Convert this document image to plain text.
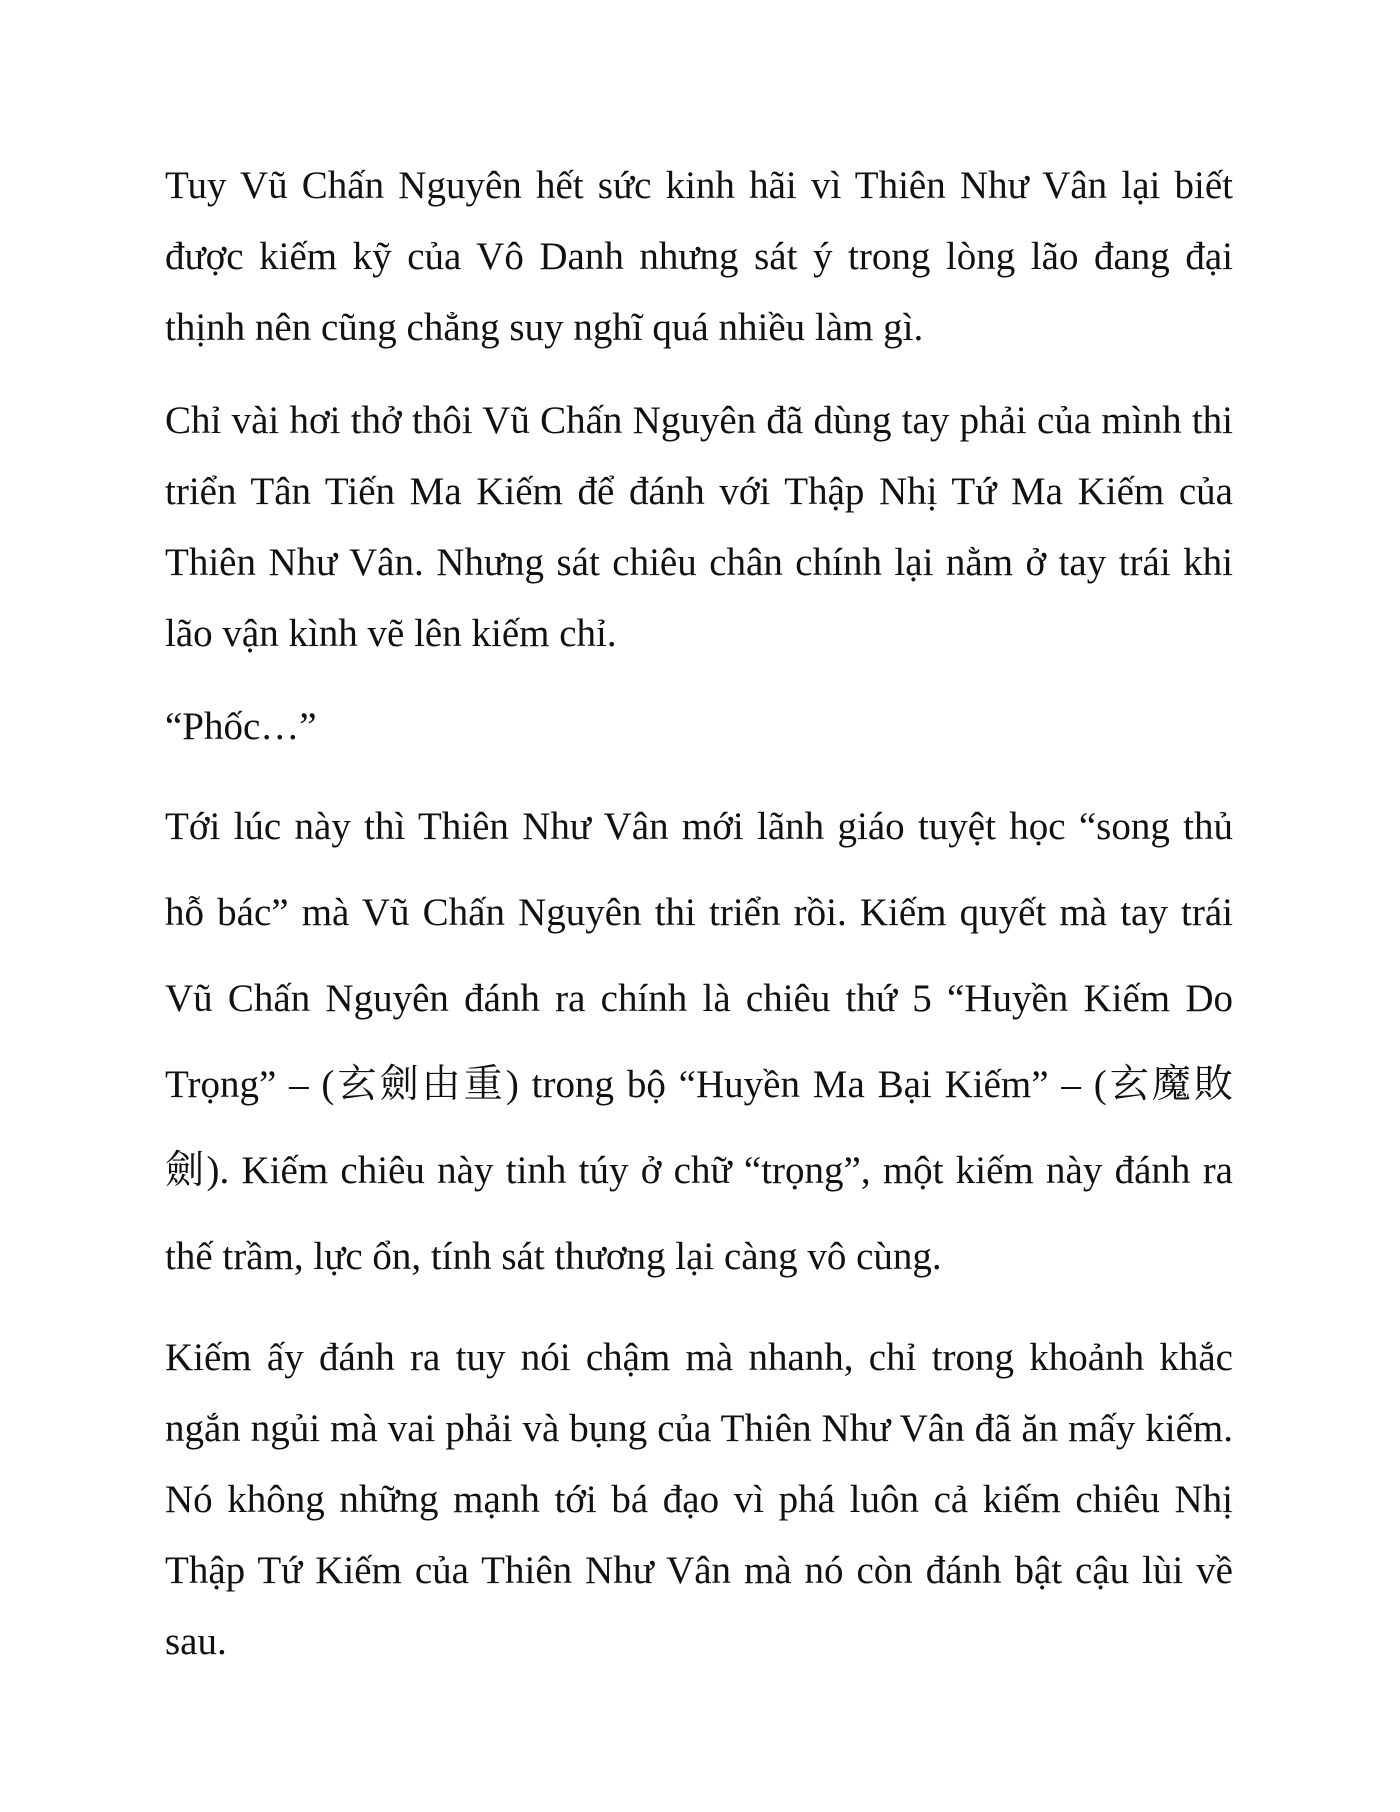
Tuy Vũ Chấn Nguyên hết sức kinh hãi vì Thiên Như Vân lại biết được kiếm kỹ của Vô Danh nhưng sát ý trong lòng lão đang đại thịnh nên cũng chẳng suy nghĩ quá nhiều làm gì.

Chỉ vài hơi thở thôi Vũ Chấn Nguyên đã dùng tay phải của mình thi triển Tân Tiến Ma Kiếm để đánh với Thập Nhị Tứ Ma Kiếm của Thiên Như Vân. Nhưng sát chiêu chân chính lại nằm ở tay trái khi lão vận kình vẽ lên kiếm chỉ.

“Phốc…”

Tới lúc này thì Thiên Như Vân mới lãnh giáo tuyệt học “song thủ hỗ bác” mà Vũ Chấn Nguyên thi triển rồi. Kiếm quyết mà tay trái Vũ Chấn Nguyên đánh ra chính là chiêu thứ 5 “Huyền Kiếm Do Trọng” – (玄劍由重) trong bộ “Huyền Ma Bại Kiếm” – (玄魔敗劍). Kiếm chiêu này tinh túy ở chữ “trọng”, một kiếm này đánh ra thế trầm, lực ổn, tính sát thương lại càng vô cùng.

Kiếm ấy đánh ra tuy nói chậm mà nhanh, chỉ trong khoảnh khắc ngắn ngủi mà vai phải và bụng của Thiên Như Vân đã ăn mấy kiếm. Nó không những mạnh tới bá đạo vì phá luôn cả kiếm chiêu Nhị Thập Tứ Kiếm của Thiên Như Vân mà nó còn đánh bật cậu lùi về sau.
